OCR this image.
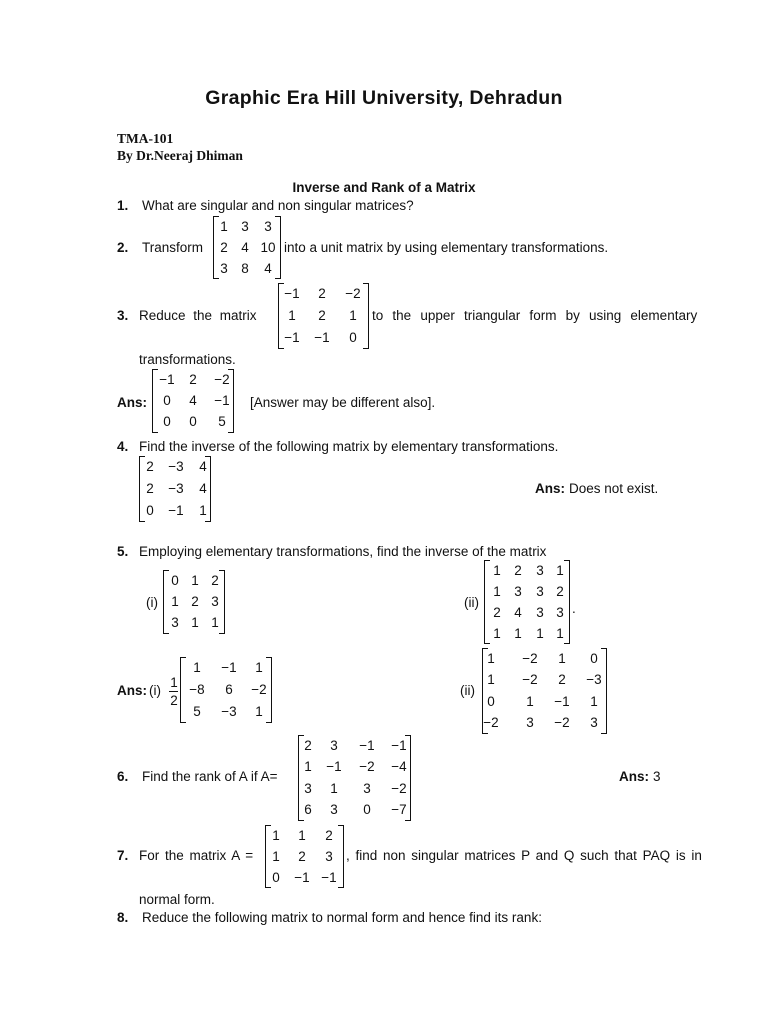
Graphic Era Hill University, Dehradun
TMA-101
By Dr.Neeraj Dhiman
Inverse and Rank of a Matrix
1. What are singular and non singular matrices?
2. Transform
1 3 3
2 4 10
3 8 4
into a unit matrix by using elementary transformations.
3. Reduce the matrix
−1 2 −2
1 2 1
−1 −1 0
to the upper triangular form by using elementary
transformations.
Ans:
−1 2 −2
0 4 −1
0 0 5
[Answer may be different also].
4. Find the inverse of the following matrix by elementary transformations.
2 −3 4
2 −3 4
0 −1 1
Ans: Does not exist.
5. Employing elementary transformations, find the inverse of the matrix
(i)
0 1 2
1 2 3
3 1 1
(ii)
1 2 3 1
1 3 3 2
2 4 3 3
1 1 1 1
.
Ans: (i)
1
2
1 −1 1
−8 6 −2
5 −3 1
(ii)
1 −2 1 0
1 −2 2 −3
0 1 −1 1
−2 3 −2 3
6. Find the rank of A if A=
2 3 −1 −1
1 −1 −2 −4
3 1 3 −2
6 3 0 −7
Ans: 3
7. For the matrix A =
1 1 2
1 2 3
0 −1 −1
, find non singular matrices P and Q such that PAQ is in
normal form.
8. Reduce the following matrix to normal form and hence find its rank:
